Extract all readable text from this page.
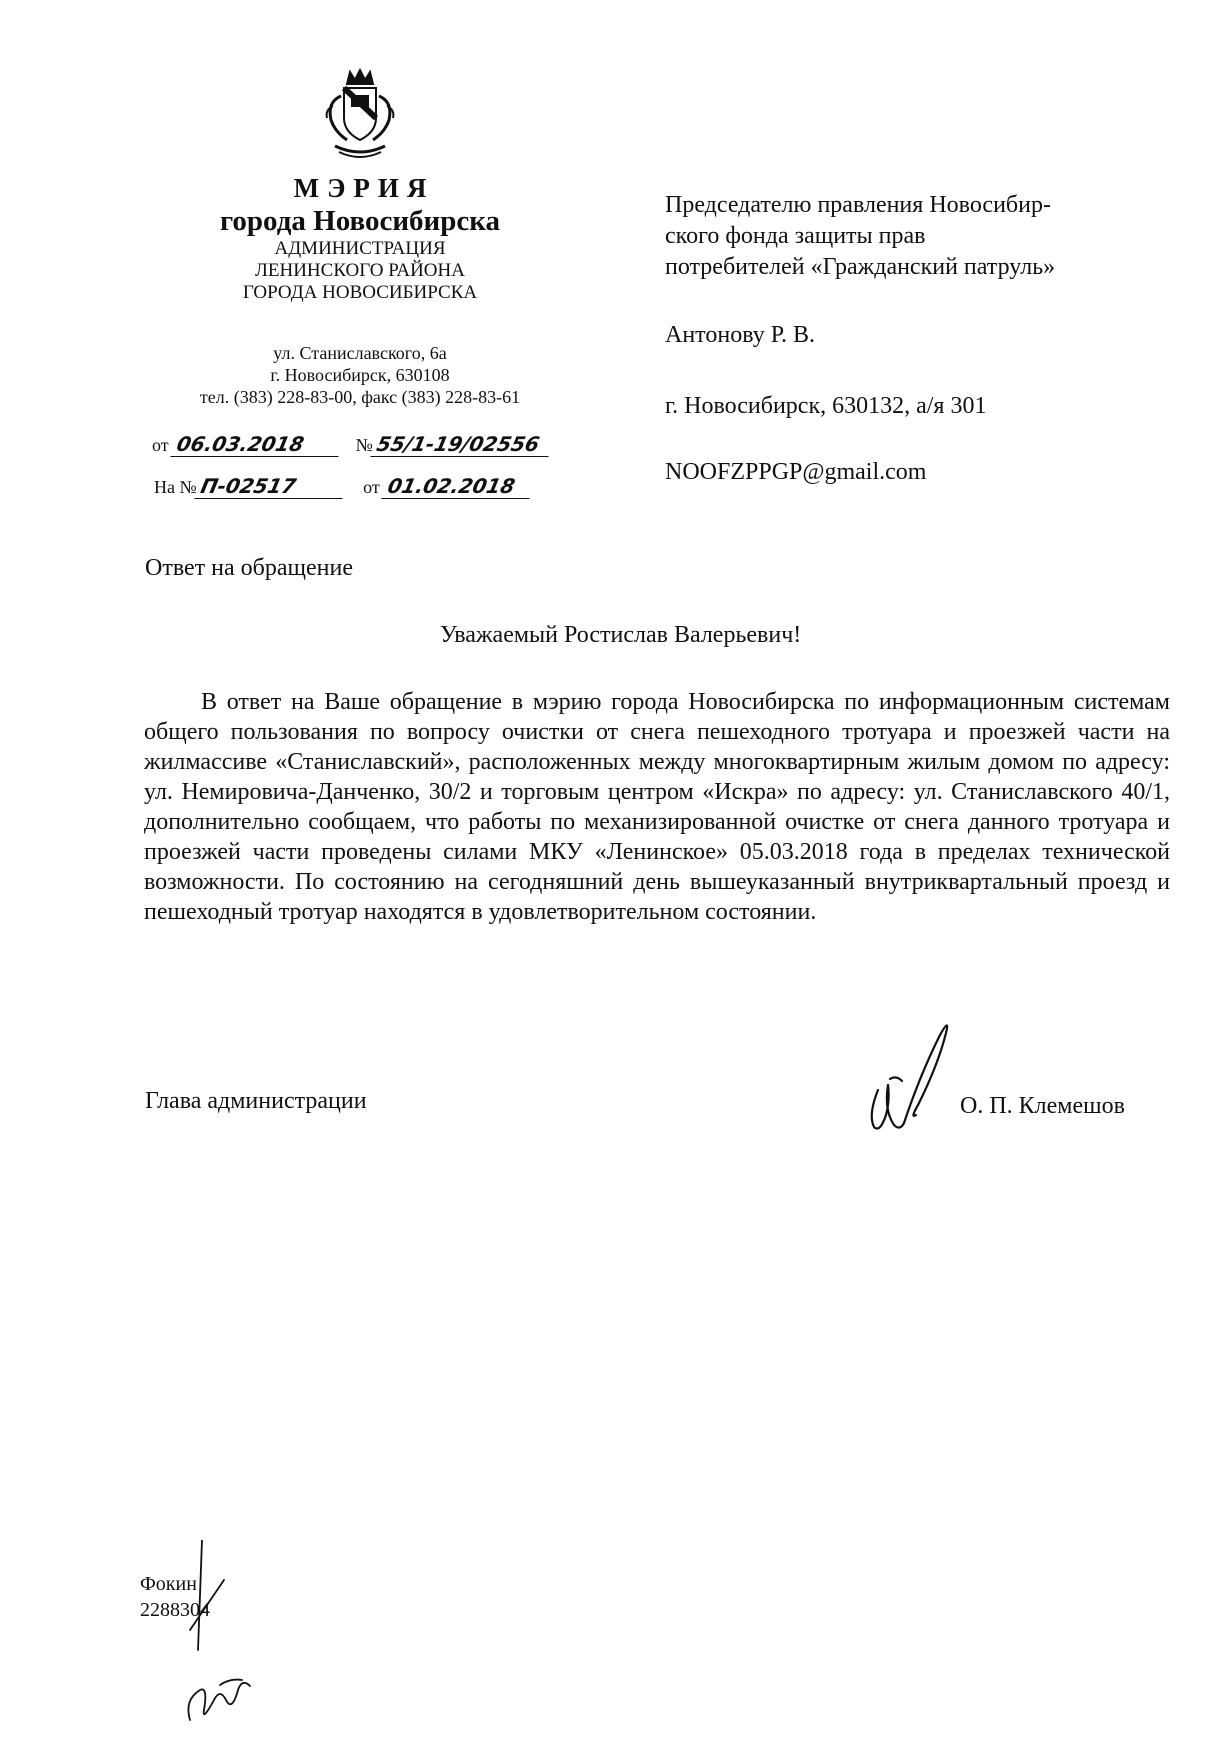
МЭРИЯ
города Новосибирска
АДМИНИСТРАЦИЯ
ЛЕНИНСКОГО РАЙОНА
ГОРОДА НОВОСИБИРСКА
ул. Станиславского, 6а
г. Новосибирск, 630108
тел. (383) 228-83-00, факс (383) 228-83-61
от 06.03.2018	№55/1-19/02556
На №П-02517	от 01.02.2018

Председателю правления Новосибир-

ского фонда защиты прав

потребителей «Гражданский патруль»

Антонову Р. В.
г. Новосибирск, 630132, а/я 301
NOOFZPPGP@gmail.com
Ответ на обращение
Уважаемый Ростислав Валерьевич!

В ответ на Ваше обращение в мэрию города Новосибирска по информационным системам общего пользования по вопросу очистки от снега пешеходного тротуара и проезжей части на жилмассиве «Станиславский», расположенных между многоквартирным жилым домом по адресу: ул. Немировича-Данченко, 30/2 и торговым центром «Искра» по адресу: ул. Станиславского 40/1, дополнительно сообщаем, что работы по механизированной очистке от снега данного тротуара и проезжей части проведены силами МКУ «Ленинское» 05.03.2018 года в пределах технической возможности. По состоянию на сегодняшний день вышеуказанный внутриквартальный проезд и пешеходный тротуар находятся в удовлетворительном состоянии.

Глава администрации	О. П. Клемешов
Фокин
2288304
